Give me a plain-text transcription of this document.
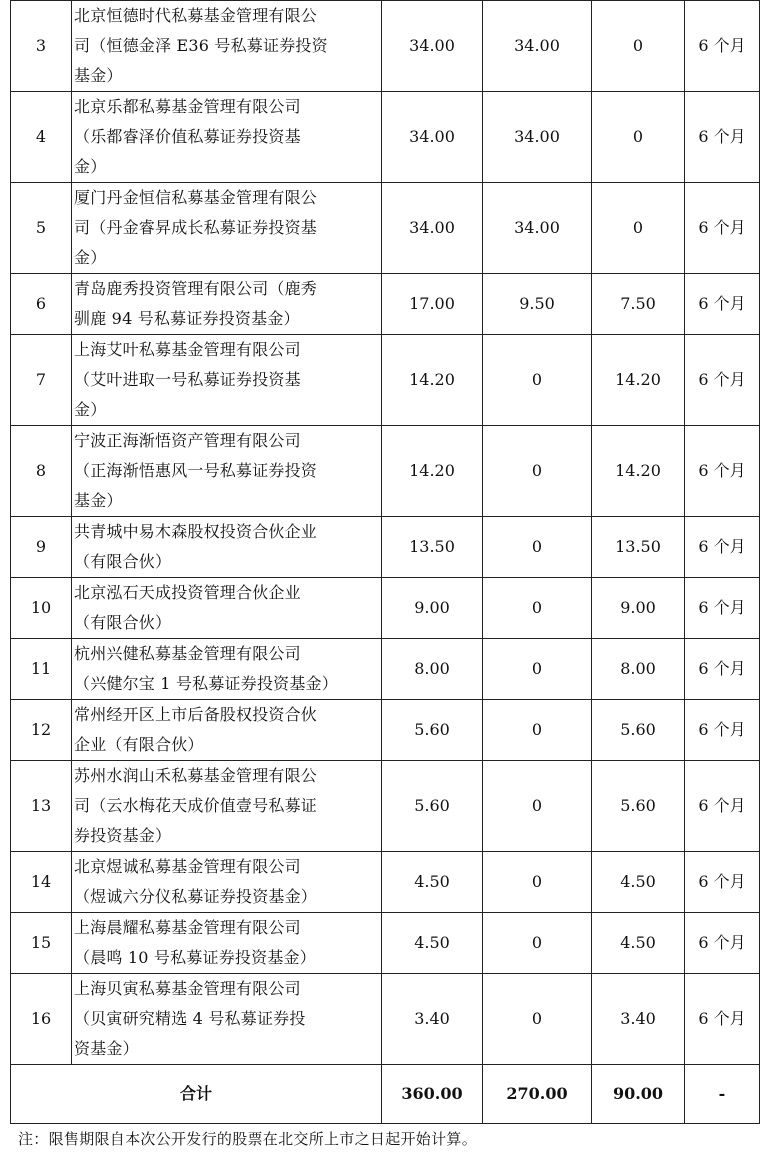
3	北京恒德时代私募基金管理有限公
司（恒德金泽 E36 号私募证券投资
基金）	34.00	34.00	0	6 个月
4	北京乐都私募基金管理有限公司
（乐都睿泽价值私募证券投资基
金）	34.00	34.00	0	6 个月
5	厦门丹金恒信私募基金管理有限公
司（丹金睿昇成长私募证券投资基
金）	34.00	34.00	0	6 个月
6	青岛鹿秀投资管理有限公司（鹿秀
驯鹿 94 号私募证券投资基金）	17.00	9.50	7.50	6 个月
7	上海艾叶私募基金管理有限公司
（艾叶进取一号私募证券投资基
金）	14.20	0	14.20	6 个月
8	宁波正海渐悟资产管理有限公司
（正海渐悟惠风一号私募证券投资
基金）	14.20	0	14.20	6 个月
9	共青城中易木森股权投资合伙企业
（有限合伙）	13.50	0	13.50	6 个月
10	北京泓石天成投资管理合伙企业
（有限合伙）	9.00	0	9.00	6 个月
11	杭州兴健私募基金管理有限公司
（兴健尔宝 1 号私募证券投资基金）	8.00	0	8.00	6 个月
12	常州经开区上市后备股权投资合伙
企业（有限合伙）	5.60	0	5.60	6 个月
13	苏州水润山禾私募基金管理有限公
司（云水梅花天成价值壹号私募证
券投资基金）	5.60	0	5.60	6 个月
14	北京煜诚私募基金管理有限公司
（煜诚六分仪私募证券投资基金）	4.50	0	4.50	6 个月
15	上海晨耀私募基金管理有限公司
（晨鸣 10 号私募证券投资基金）	4.50	0	4.50	6 个月
16	上海贝寅私募基金管理有限公司
（贝寅研究精选 4 号私募证券投
资基金）	3.40	0	3.40	6 个月
合计		360.00	270.00	90.00	-
注：限售期限自本次公开发行的股票在北交所上市之日起开始计算。
